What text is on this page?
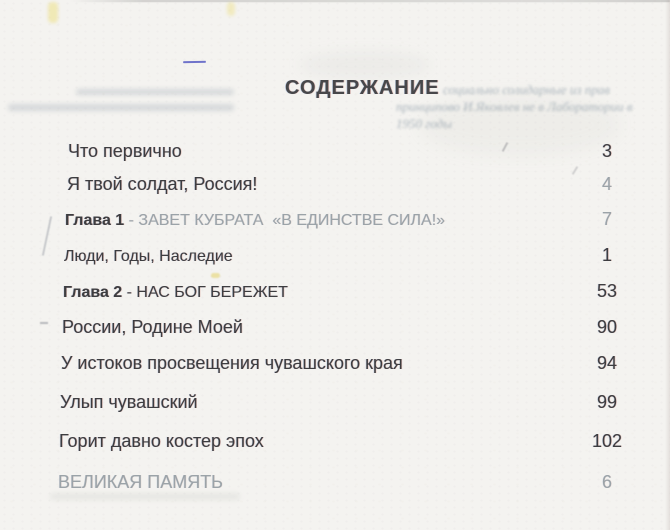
социально солидарные из прав
принципово И.Яковлев не в Лаборатории в
1950 годы
СОДЕРЖАНИЕ
Что первично	3
Я твой солдат, Россия!	4
Глава 1 - ЗАВЕТ КУБРАТА  «В ЕДИНСТВЕ СИЛА!»	7
Люди, Годы, Наследие	1
Глава 2 - НАС БОГ БЕРЕЖЕТ	53
России, Родине Моей	90
У истоков просвещения чувашского края	94
Улып чувашский	99
Горит давно костер эпох	102
ВЕЛИКАЯ ПАМЯТЬ	6
